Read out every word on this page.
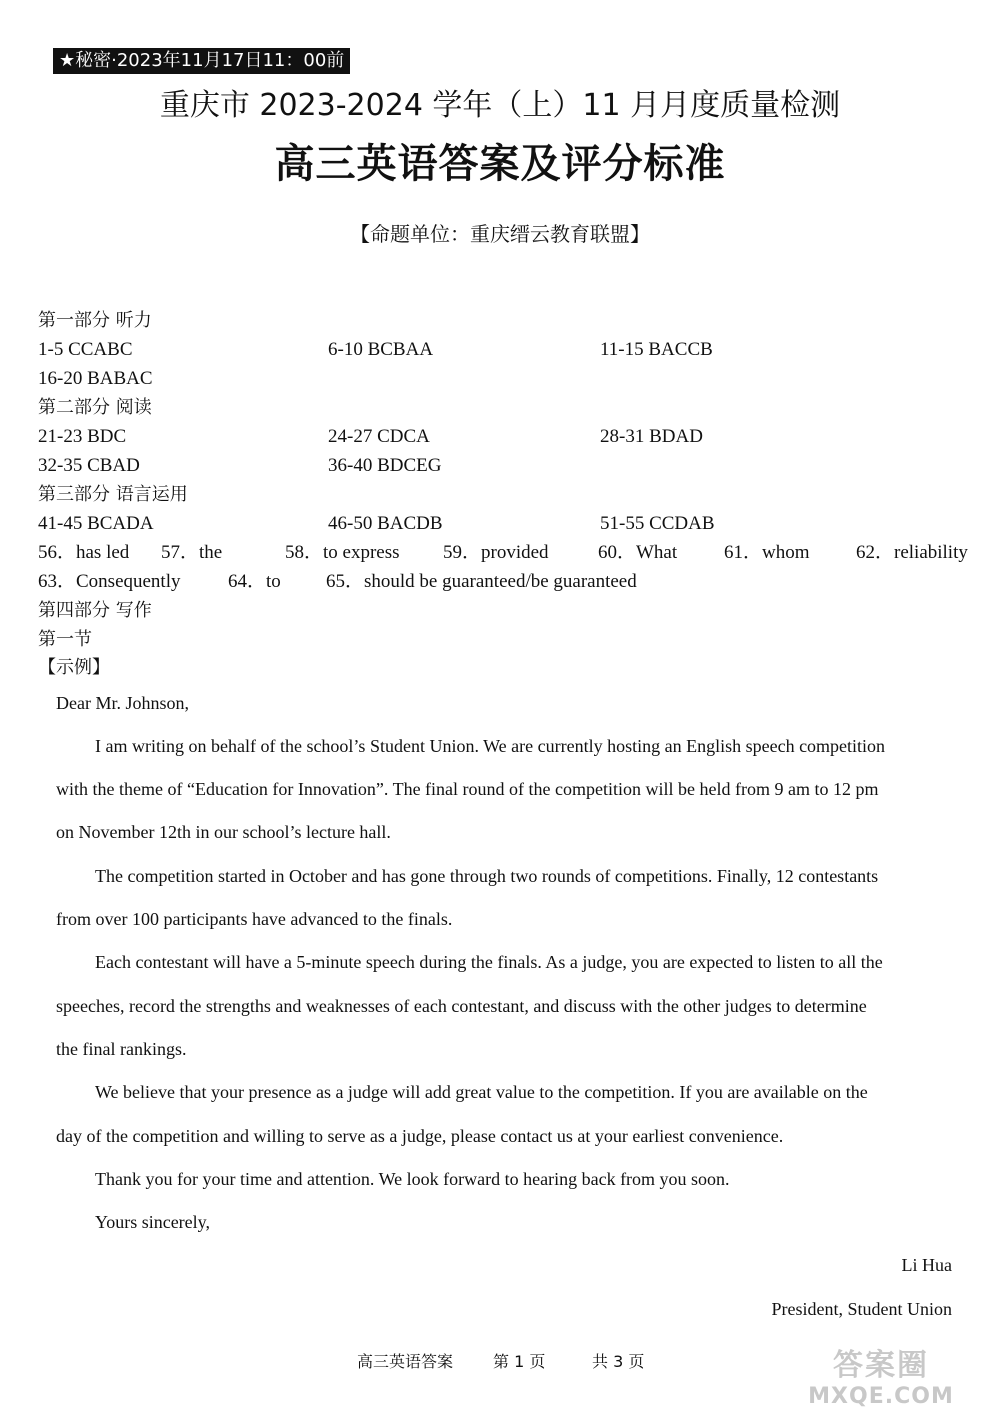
★秘密·2023年11月17日11：00前
重庆市 2023-2024 学年（上）11 月月度质量检测
高三英语答案及评分标准
【命题单位：重庆缙云教育联盟】
第一部分 听力
1-5 CCABC	6-10 BCBAA	11-15 BACCB
16-20 BABAC
第二部分 阅读
21-23 BDC	24-27 CDCA	28-31 BDAD
32-35 CBAD	36-40 BDCEG
第三部分 语言运用
41-45 BCADA	46-50 BACDB	51-55 CCDAB
56．has led 57．the	58．to express 59．provided	60．What 61．whom 62．reliability
63．Consequently	64．to 65．should be guaranteed/be guaranteed
第四部分 写作
第一节
【示例】
Dear Mr. Johnson,
I am writing on behalf of the school’s Student Union. We are currently hosting an English speech competition
with the theme of “Education for Innovation”. The final round of the competition will be held from 9 am to 12 pm
on November 12th in our school’s lecture hall.
The competition started in October and has gone through two rounds of competitions. Finally, 12 contestants
from over 100 participants have advanced to the finals.
Each contestant will have a 5-minute speech during the finals. As a judge, you are expected to listen to all the
speeches, record the strengths and weaknesses of each contestant, and discuss with the other judges to determine
the final rankings.
We believe that your presence as a judge will add great value to the competition. If you are available on the
day of the competition and willing to serve as a judge, please contact us at your earliest convenience.
Thank you for your time and attention. We look forward to hearing back from you soon.
Yours sincerely,
Li Hua
President, Student Union
高三英语答案 第 1 页	共 3 页	答案圈
MXQE.COM
